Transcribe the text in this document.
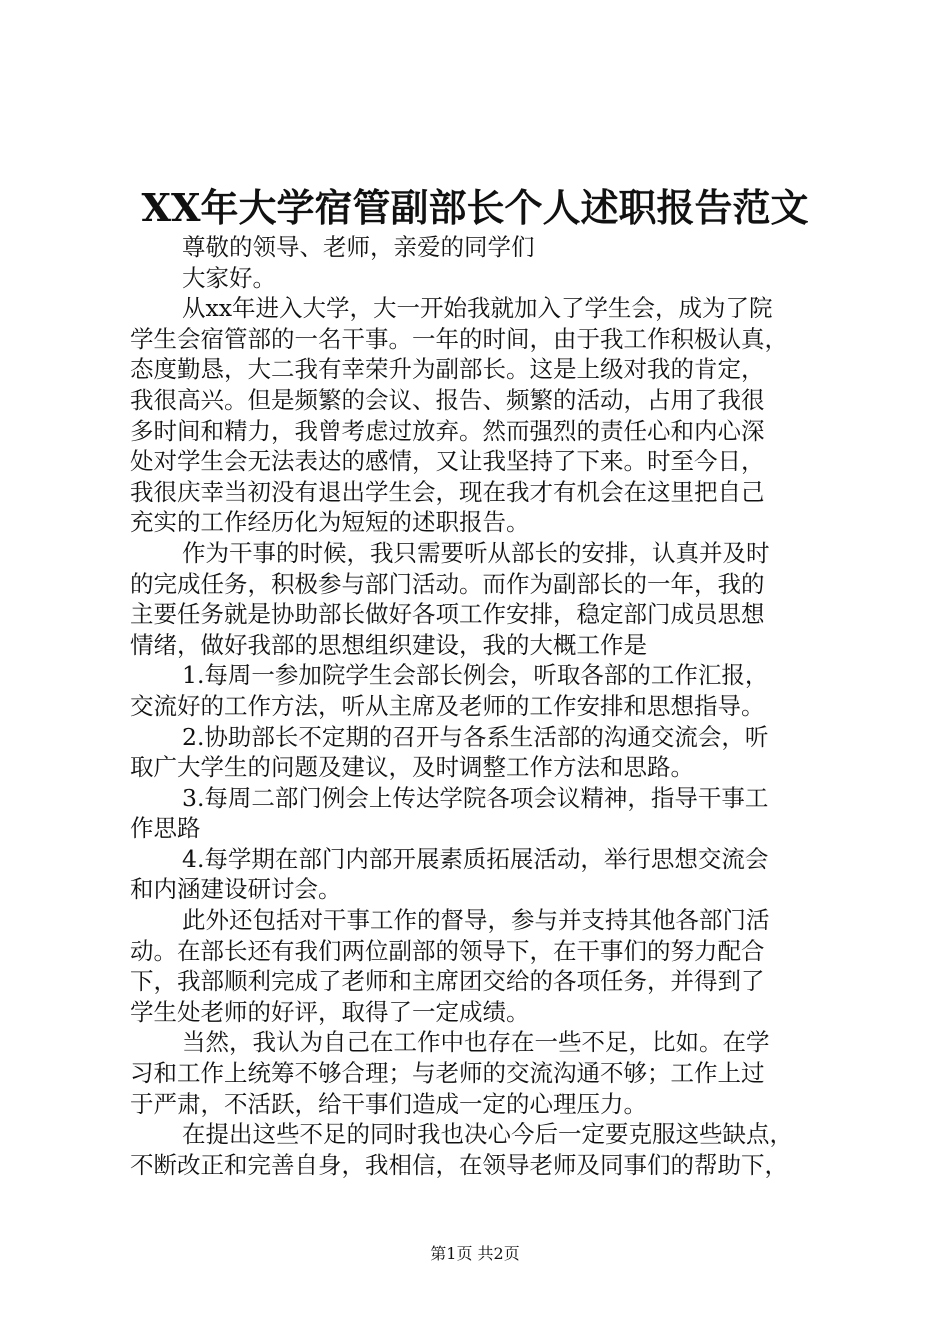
XX年大学宿管副部长个人述职报告范文
尊敬的领导、老师，亲爱的同学们
大家好。
从xx年进入大学，大一开始我就加入了学生会，成为了院
学生会宿管部的一名干事。一年的时间，由于我工作积极认真，
态度勤恳，大二我有幸荣升为副部长。这是上级对我的肯定，
我很高兴。但是频繁的会议、报告、频繁的活动，占用了我很
多时间和精力，我曾考虑过放弃。然而强烈的责任心和内心深
处对学生会无法表达的感情，又让我坚持了下来。时至今日，
我很庆幸当初没有退出学生会，现在我才有机会在这里把自己
充实的工作经历化为短短的述职报告。
作为干事的时候，我只需要听从部长的安排，认真并及时
的完成任务，积极参与部门活动。而作为副部长的一年，我的
主要任务就是协助部长做好各项工作安排，稳定部门成员思想
情绪，做好我部的思想组织建设，我的大概工作是
1.每周一参加院学生会部长例会，听取各部的工作汇报，
交流好的工作方法，听从主席及老师的工作安排和思想指导。
2.协助部长不定期的召开与各系生活部的沟通交流会，听
取广大学生的问题及建议，及时调整工作方法和思路。
3.每周二部门例会上传达学院各项会议精神，指导干事工
作思路
4.每学期在部门内部开展素质拓展活动，举行思想交流会
和内涵建设研讨会。
此外还包括对干事工作的督导，参与并支持其他各部门活
动。在部长还有我们两位副部的领导下，在干事们的努力配合
下，我部顺利完成了老师和主席团交给的各项任务，并得到了
学生处老师的好评，取得了一定成绩。
当然，我认为自己在工作中也存在一些不足，比如。在学
习和工作上统筹不够合理；与老师的交流沟通不够；工作上过
于严肃，不活跃，给干事们造成一定的心理压力。
在提出这些不足的同时我也决心今后一定要克服这些缺点，
不断改正和完善自身，我相信，在领导老师及同事们的帮助下，
第1页 共2页
